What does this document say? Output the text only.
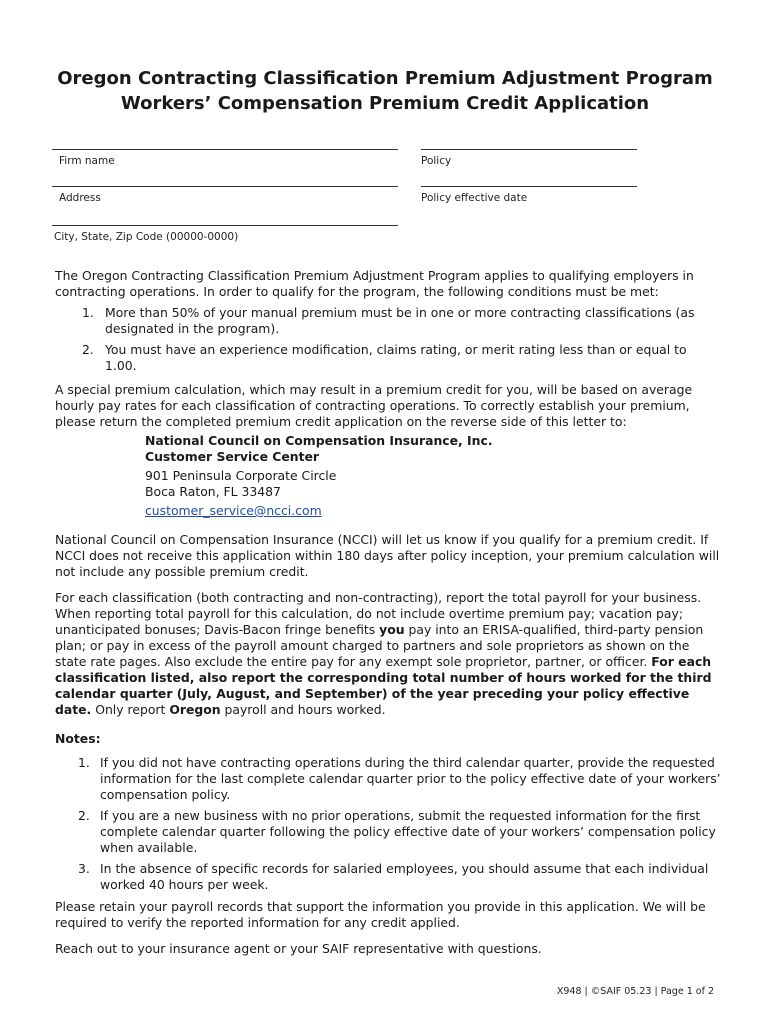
Oregon Contracting Classification Premium Adjustment Program
Workers’ Compensation Premium Credit Application
Firm name	Policy
Address	Policy effective date
City, State, Zip Code (00000-0000)

The Oregon Contracting Classification Premium Adjustment Program applies to qualifying employers in contracting operations. In order to qualify for the program, the following conditions must be met:

1. More than 50% of your manual premium must be in one or more contracting classifications (as designated in the program).
2. You must have an experience modification, claims rating, or merit rating less than or equal to 1.00.

A special premium calculation, which may result in a premium credit for you, will be based on average hourly pay rates for each classification of contracting operations. To correctly establish your premium, please return the completed premium credit application on the reverse side of this letter to:

National Council on Compensation Insurance, Inc.
Customer Service Center
901 Peninsula Corporate Circle
Boca Raton, FL 33487
customer_service@ncci.com

National Council on Compensation Insurance (NCCI) will let us know if you qualify for a premium credit. If NCCI does not receive this application within 180 days after policy inception, your premium calculation will not include any possible premium credit.

For each classification (both contracting and non-contracting), report the total payroll for your business. When reporting total payroll for this calculation, do not include overtime premium pay; vacation pay; unanticipated bonuses; Davis-Bacon fringe benefits you pay into an ERISA-qualified, third-party pension plan; or pay in excess of the payroll amount charged to partners and sole proprietors as shown on the state rate pages. Also exclude the entire pay for any exempt sole proprietor, partner, or officer. For each classification listed, also report the corresponding total number of hours worked for the third calendar quarter (July, August, and September) of the year preceding your policy effective date. Only report Oregon payroll and hours worked.

Notes:

1. If you did not have contracting operations during the third calendar quarter, provide the requested information for the last complete calendar quarter prior to the policy effective date of your workers’ compensation policy.
2. If you are a new business with no prior operations, submit the requested information for the first complete calendar quarter following the policy effective date of your workers’ compensation policy when available.
3. In the absence of specific records for salaried employees, you should assume that each individual worked 40 hours per week.

Please retain your payroll records that support the information you provide in this application. We will be required to verify the reported information for any credit applied.

Reach out to your insurance agent or your SAIF representative with questions.

X948 | ©SAIF 05.23 | Page 1 of 2
